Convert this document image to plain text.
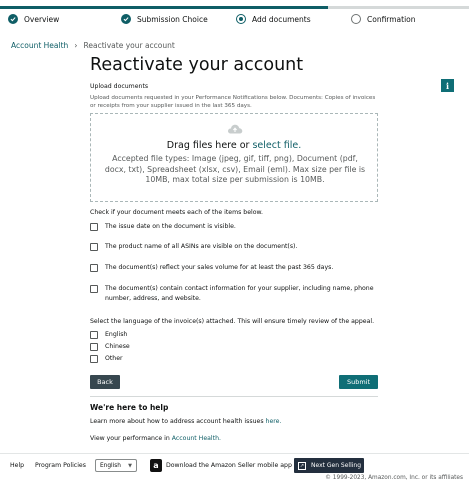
Overview	Submission Choice	Add documents	Confirmation
Account Health › Reactivate your account
Reactivate your account
i
Upload documents
Upload documents requested in your Performance Notifications below. Documents: Copies of invoices or receipts from your supplier issued in the last 365 days.
Drag files here or select file.
Accepted file types: Image (jpeg, gif, tiff, png), Document (pdf, docx, txt), Spreadsheet (xlsx, csv), Email (eml). Max size per file is 10MB, max total size per submission is 10MB.
Check if your document meets each of the items below.
The issue date on the document is visible.
The product name of all ASINs are visible on the document(s).
The document(s) reflect your sales volume for at least the past 365 days.
The document(s) contain contact information for your supplier, including name, phone number, address, and website.
Select the language of the invoice(s) attached. This will ensure timely review of the appeal.
English
Chinese
Other
Back	Submit
We're here to help
Learn more about how to address account health issues here.
View your performance in Account Health.
Help Program Policies English ▼	a	Download the Amazon Seller mobile app	↗	Next Gen Selling
© 1999-2023, Amazon.com, Inc. or its affiliates
